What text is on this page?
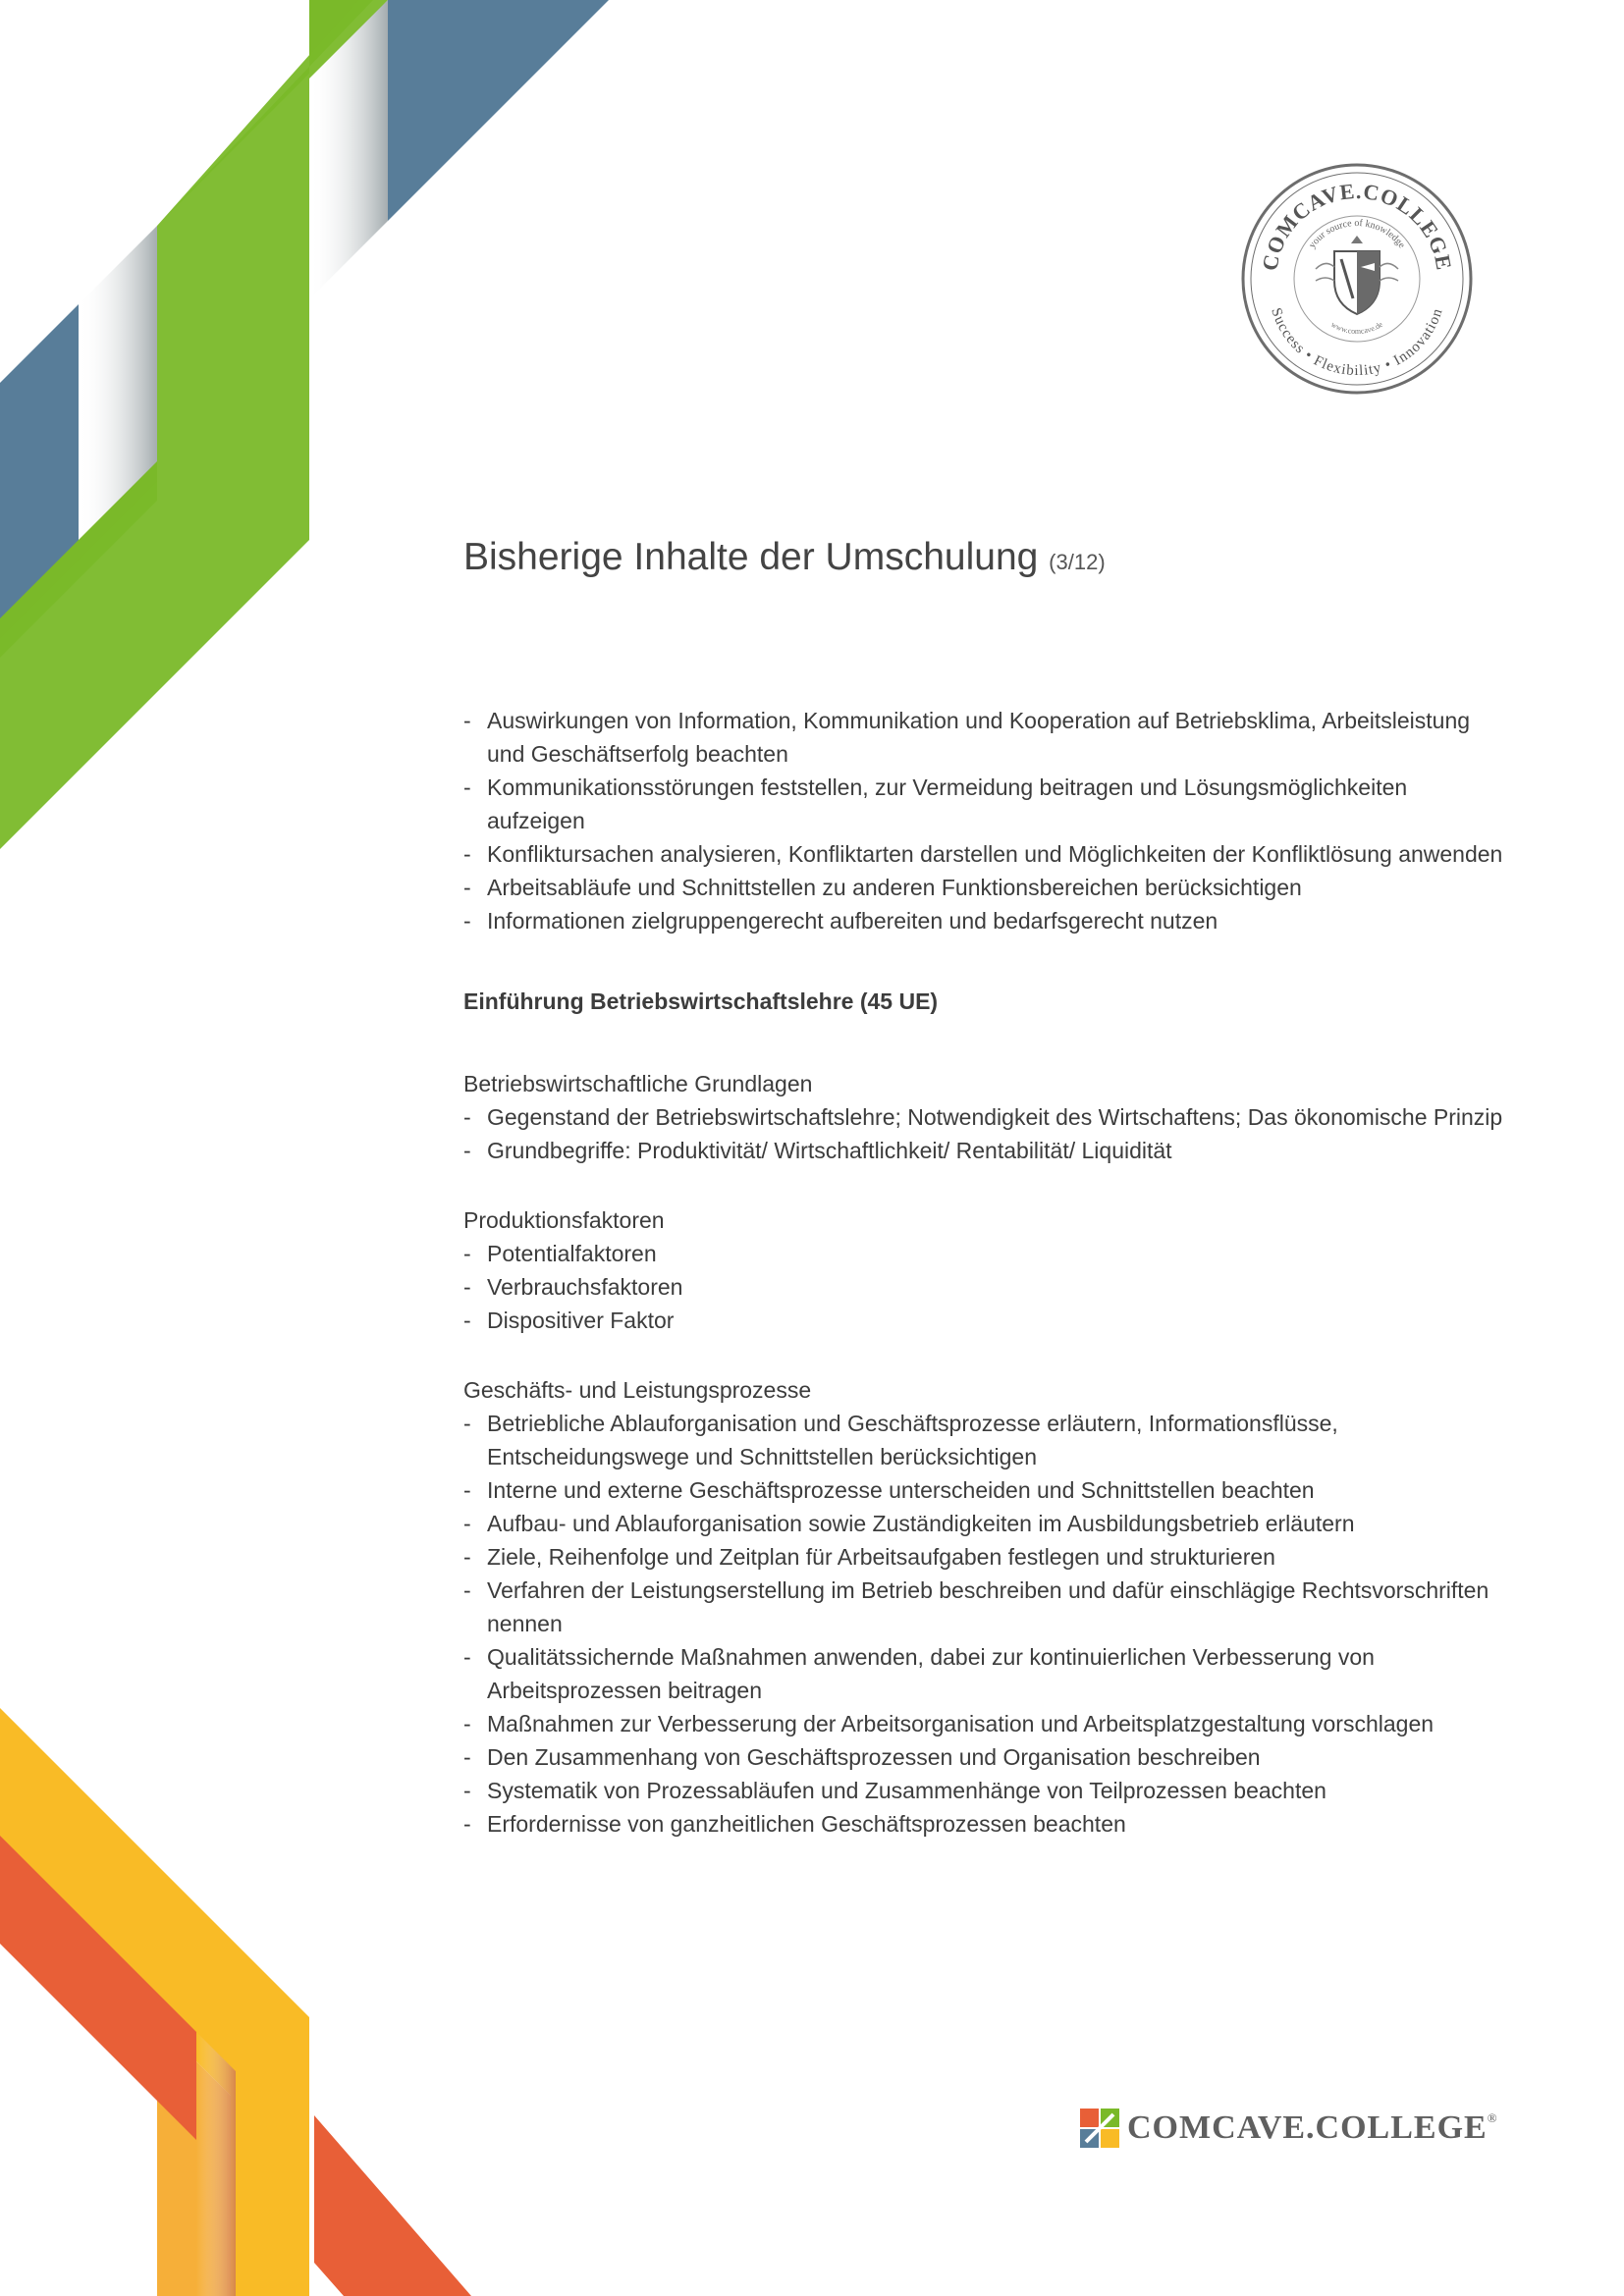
COMCAVE.COLLEGE
your source of knowledge
Success • Flexibility • Innovation
www.comcave.de
Bisherige Inhalte der Umschulung (3/12)
- Auswirkungen von Information, Kommunikation und Kooperation auf Betriebsklima, Arbeitsleistung und Geschäftserfolg beachten
- Kommunikationsstörungen feststellen, zur Vermeidung beitragen und Lösungsmöglichkeiten aufzeigen
- Konfliktursachen analysieren, Konfliktarten darstellen und Möglichkeiten der Konfliktlösung anwenden
- Arbeitsabläufe und Schnittstellen zu anderen Funktionsbereichen berücksichtigen
- Informationen zielgruppengerecht aufbereiten und bedarfsgerecht nutzen

Einführung Betriebswirtschaftslehre (45 UE)

Betriebswirtschaftliche Grundlagen

- Gegenstand der Betriebswirtschaftslehre; Notwendigkeit des Wirtschaftens; Das ökonomische Prinzip
- Grundbegriffe: Produktivität/ Wirtschaftlichkeit/ Rentabilität/ Liquidität

Produktionsfaktoren

- Potentialfaktoren
- Verbrauchsfaktoren
- Dispositiver Faktor

Geschäfts- und Leistungsprozesse

- Betriebliche Ablauforganisation und Geschäftsprozesse erläutern, Informationsflüsse, Entscheidungswege und Schnittstellen berücksichtigen
- Interne und externe Geschäftsprozesse unterscheiden und Schnittstellen beachten
- Aufbau- und Ablauforganisation sowie Zuständigkeiten im Ausbildungsbetrieb erläutern
- Ziele, Reihenfolge und Zeitplan für Arbeitsaufgaben festlegen und strukturieren
- Verfahren der Leistungserstellung im Betrieb beschreiben und dafür einschlägige Rechtsvorschriften nennen
- Qualitätssichernde Maßnahmen anwenden, dabei zur kontinuierlichen Verbesserung von Arbeitsprozessen beitragen
- Maßnahmen zur Verbesserung der Arbeitsorganisation und Arbeitsplatzgestaltung vorschlagen
- Den Zusammenhang von Geschäftsprozessen und Organisation beschreiben
- Systematik von Prozessabläufen und Zusammenhänge von Teilprozessen beachten
- Erfordernisse von ganzheitlichen Geschäftsprozessen beachten
COMCAVE.COLLEGE ®
